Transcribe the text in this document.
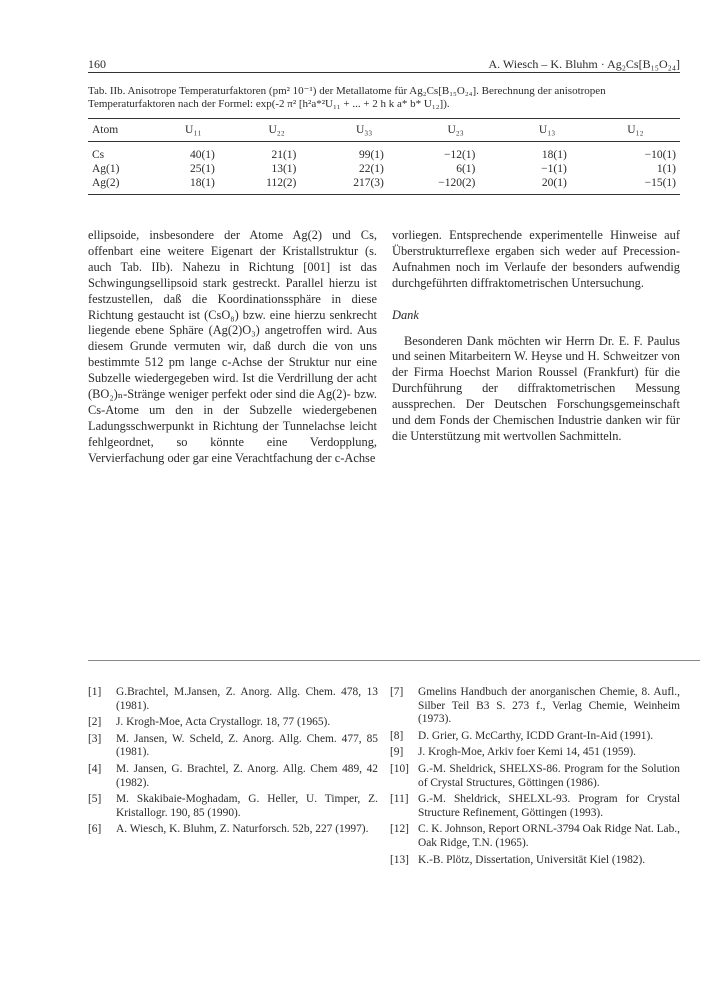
160	A. Wiesch – K. Bluhm · Ag₂Cs[B₁₅O₂₄]
Tab. IIb. Anisotrope Temperaturfaktoren (pm² 10⁻¹) der Metallatome für Ag₂Cs[B₁₅O₂₄]. Berechnung der anisotropen
Temperaturfaktoren nach der Formel: exp(-2 π² [h²a*²U₁₁ + ... + 2 h k a* b* U₁₂]).
Atom	U₁₁	U₂₂	U₃₃	U₂₃	U₁₃	U₁₂
Cs	40(1)	21(1)	99(1)	−12(1)	18(1)	−10(1)
Ag(1)	25(1)	13(1)	22(1)	6(1)	−1(1)	1(1)
Ag(2)	18(1)	112(2)	217(3)	−120(2)	20(1)	−15(1)

ellipsoide, insbesondere der Atome Ag(2) und Cs, offenbart eine weitere Eigenart der Kristallstruktur (s. auch Tab. IIb). Nahezu in Richtung [001] ist das Schwingungsellipsoid stark gestreckt. Parallel hierzu ist festzustellen, daß die Koordinationssphäre in diese Richtung gestaucht ist (CsO₈) bzw. eine hierzu senkrecht liegende ebene Sphäre (Ag(2)O₃) angetroffen wird. Aus diesem Grunde vermuten wir, daß durch die von uns bestimmte 512 pm lange c-Achse der Struktur nur eine Subzelle wiedergegeben wird. Ist die Verdrillung der acht (BO₂)ₙ-Stränge weniger perfekt oder sind die Ag(2)- bzw. Cs-Atome um den in der Subzelle wiedergebenen Ladungsschwerpunkt in Richtung der Tunnelachse leicht fehlgeordnet, so könnte eine Verdopplung, Vervierfachung oder gar eine Verachtfachung der c-Achse

vorliegen. Entsprechende experimentelle Hinweise auf Überstrukturreflexe ergaben sich weder auf Precession-Aufnahmen noch im Verlaufe der besonders aufwendig durchgeführten diffraktometrischen Untersuchung.

Dank

Besonderen Dank möchten wir Herrn Dr. E. F. Paulus und seinen Mitarbeitern W. Heyse und H. Schweitzer von der Firma Hoechst Marion Roussel (Frankfurt) für die Durchführung der diffraktometrischen Messung aussprechen. Der Deutschen Forschungsgemeinschaft und dem Fonds der Chemischen Industrie danken wir für die Unterstützung mit wertvollen Sachmitteln.

[1]	G.Brachtel, M.Jansen, Z. Anorg. Allg. Chem. 478, 13 (1981).
[2]	J. Krogh-Moe, Acta Crystallogr. 18, 77 (1965).
[3]	M. Jansen, W. Scheld, Z. Anorg. Allg. Chem. 477, 85 (1981).
[4]	M. Jansen, G. Brachtel, Z. Anorg. Allg. Chem 489, 42 (1982).
[5]	M. Skakibaie-Moghadam, G. Heller, U. Timper, Z. Kristallogr. 190, 85 (1990).
[6]	A. Wiesch, K. Bluhm, Z. Naturforsch. 52b, 227 (1997).
[7]	Gmelins Handbuch der anorganischen Chemie, 8. Aufl., Silber Teil B3 S. 273 f., Verlag Chemie, Weinheim (1973).
[8]	D. Grier, G. McCarthy, ICDD Grant-In-Aid (1991).
[9]	J. Krogh-Moe, Arkiv foer Kemi 14, 451 (1959).
[10] G.-M. Sheldrick, SHELXS-86. Program for the Solution of Crystal Structures, Göttingen (1986).
[11] G.-M. Sheldrick, SHELXL-93. Program for Crystal Structure Refinement, Göttingen (1993).
[12] C. K. Johnson, Report ORNL-3794 Oak Ridge Nat. Lab., Oak Ridge, T.N. (1965).
[13] K.-B. Plötz, Dissertation, Universität Kiel (1982).
